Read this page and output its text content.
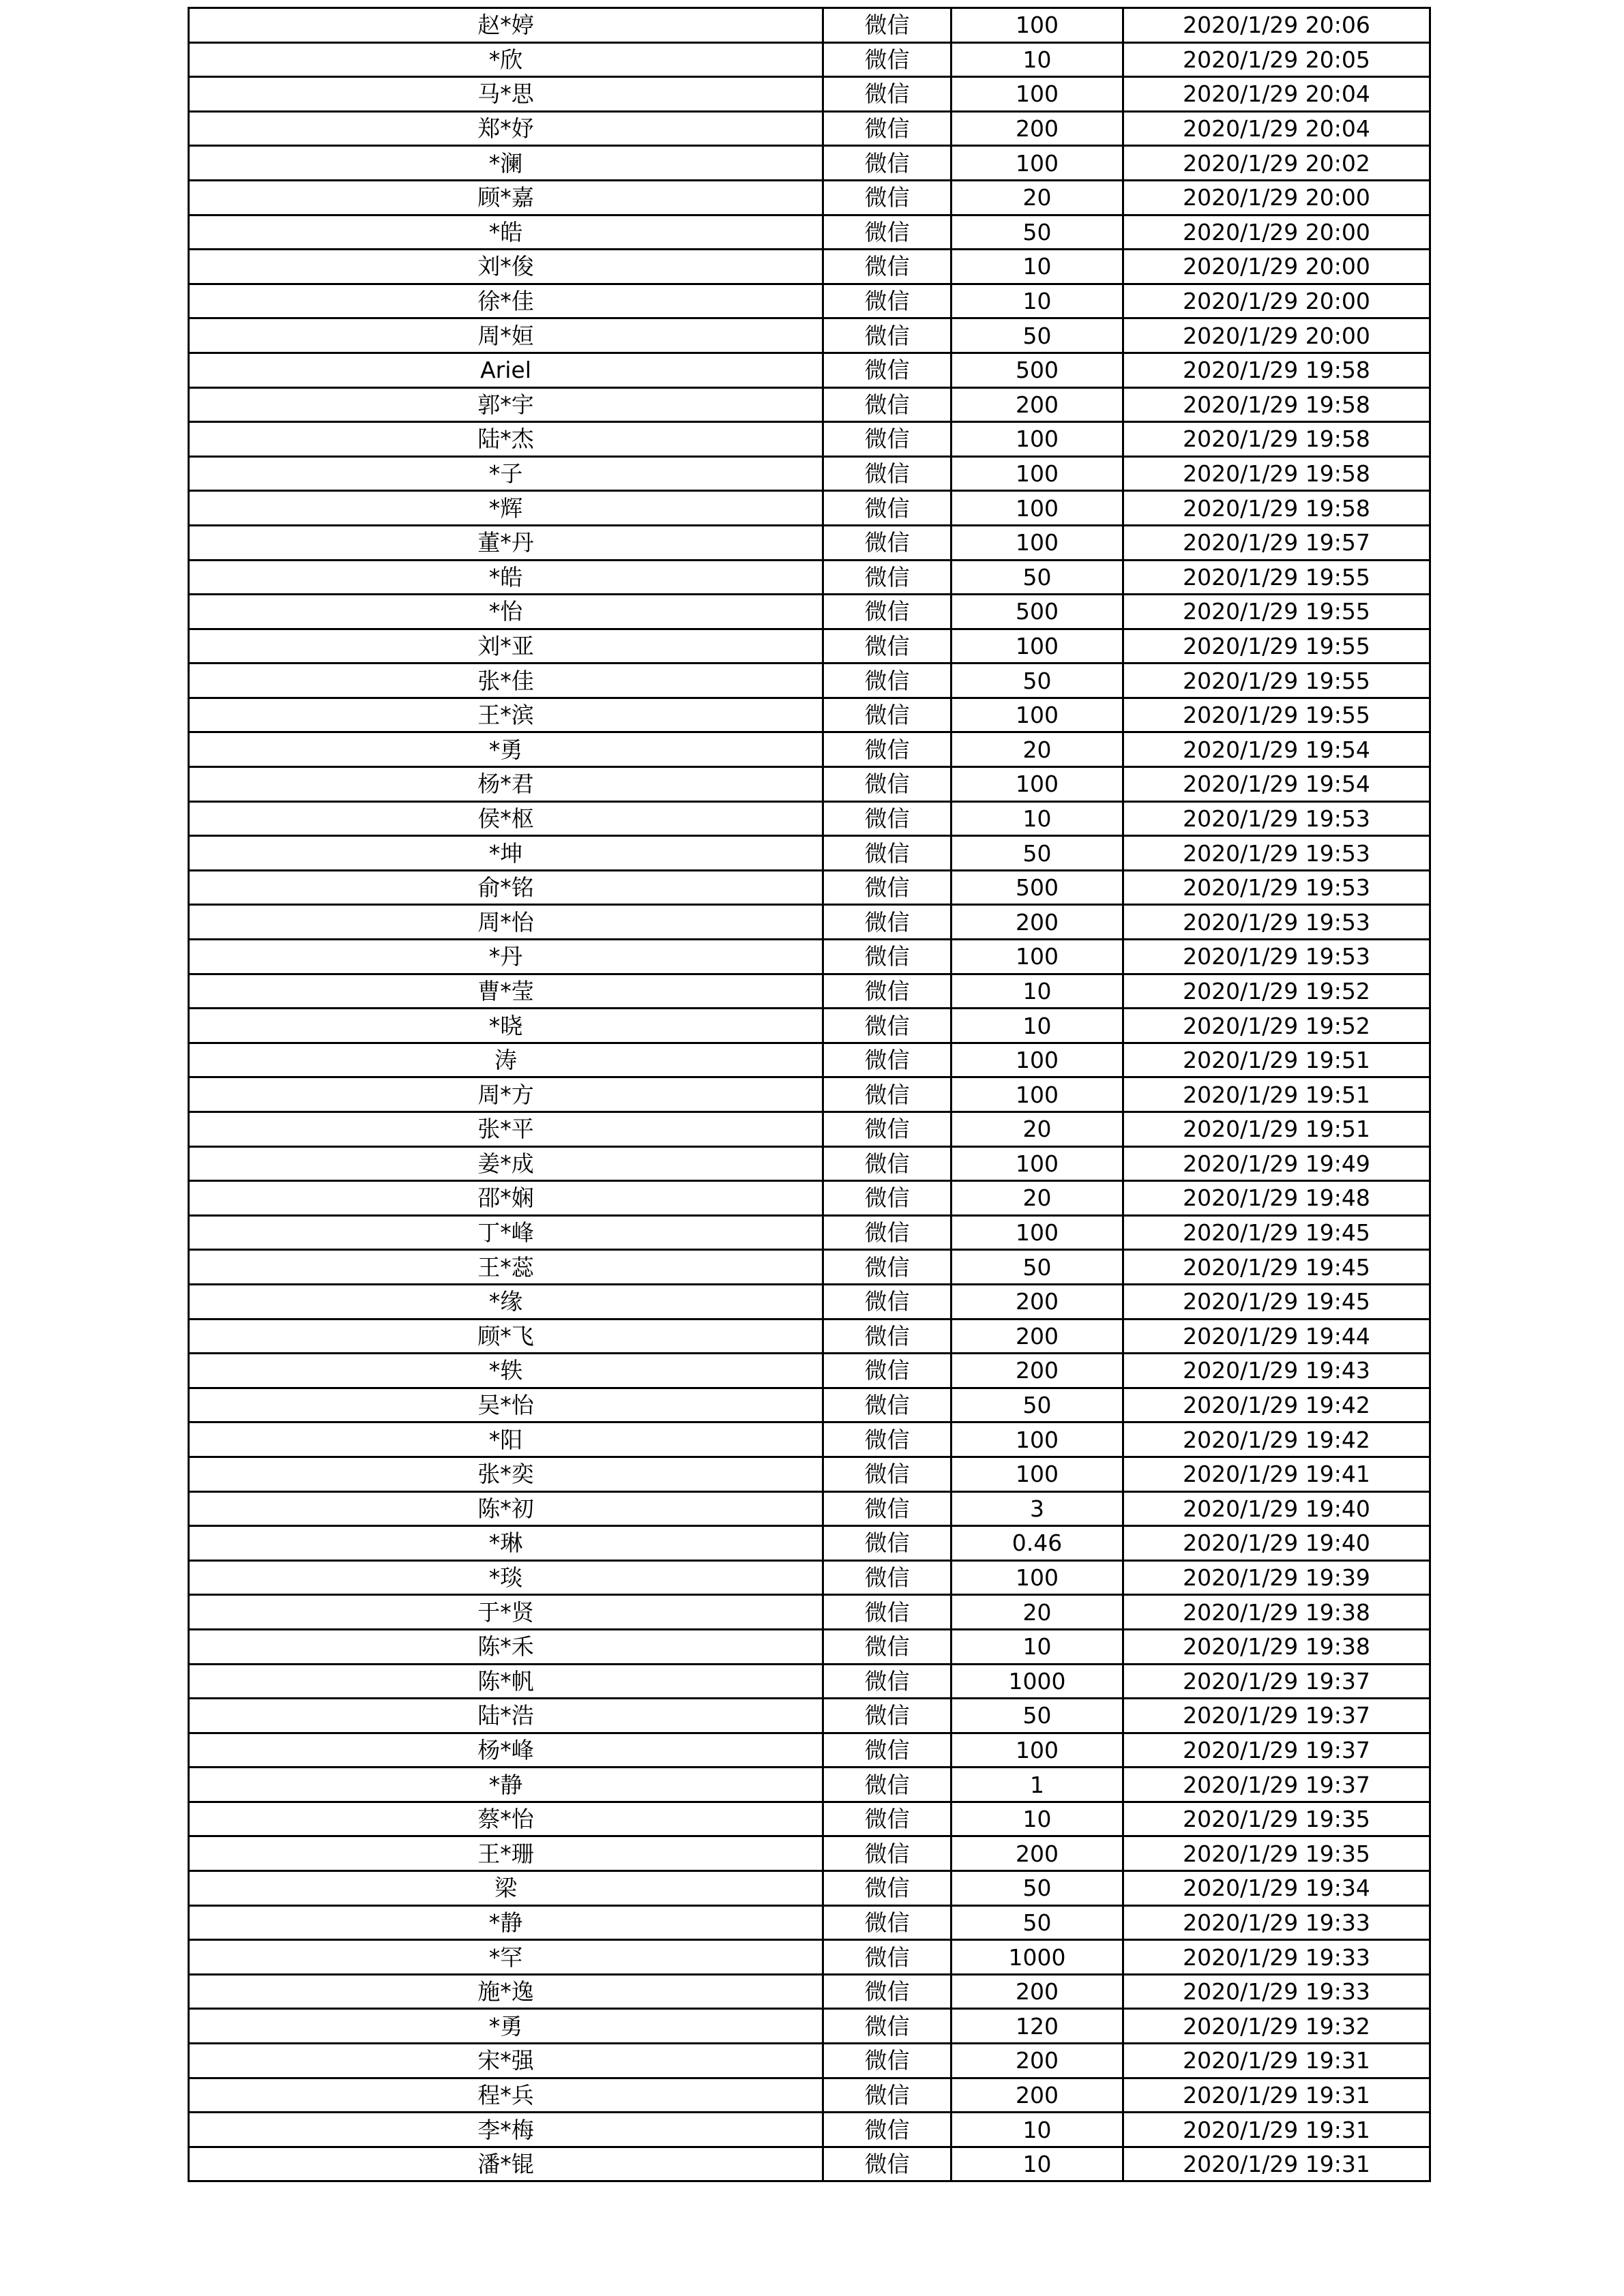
赵*婷	微信	100	2020/1/29 20:06
*欣	微信	10	2020/1/29 20:05
马*思	微信	100	2020/1/29 20:04
郑*妤	微信	200	2020/1/29 20:04
*澜	微信	100	2020/1/29 20:02
顾*嘉	微信	20	2020/1/29 20:00
*皓	微信	50	2020/1/29 20:00
刘*俊	微信	10	2020/1/29 20:00
徐*佳	微信	10	2020/1/29 20:00
周*姮	微信	50	2020/1/29 20:00
Ariel	微信	500	2020/1/29 19:58
郭*宇	微信	200	2020/1/29 19:58
陆*杰	微信	100	2020/1/29 19:58
*子	微信	100	2020/1/29 19:58
*辉	微信	100	2020/1/29 19:58
董*丹	微信	100	2020/1/29 19:57
*皓	微信	50	2020/1/29 19:55
*怡	微信	500	2020/1/29 19:55
刘*亚	微信	100	2020/1/29 19:55
张*佳	微信	50	2020/1/29 19:55
王*滨	微信	100	2020/1/29 19:55
*勇	微信	20	2020/1/29 19:54
杨*君	微信	100	2020/1/29 19:54
侯*枢	微信	10	2020/1/29 19:53
*坤	微信	50	2020/1/29 19:53
俞*铭	微信	500	2020/1/29 19:53
周*怡	微信	200	2020/1/29 19:53
*丹	微信	100	2020/1/29 19:53
曹*莹	微信	10	2020/1/29 19:52
*晓	微信	10	2020/1/29 19:52
涛	微信	100	2020/1/29 19:51
周*方	微信	100	2020/1/29 19:51
张*平	微信	20	2020/1/29 19:51
姜*成	微信	100	2020/1/29 19:49
邵*娴	微信	20	2020/1/29 19:48
丁*峰	微信	100	2020/1/29 19:45
王*蕊	微信	50	2020/1/29 19:45
*缘	微信	200	2020/1/29 19:45
顾*飞	微信	200	2020/1/29 19:44
*轶	微信	200	2020/1/29 19:43
吴*怡	微信	50	2020/1/29 19:42
*阳	微信	100	2020/1/29 19:42
张*奕	微信	100	2020/1/29 19:41
陈*初	微信	3	2020/1/29 19:40
*琳	微信	0.46	2020/1/29 19:40
*琰	微信	100	2020/1/29 19:39
于*贤	微信	20	2020/1/29 19:38
陈*禾	微信	10	2020/1/29 19:38
陈*帆	微信	1000	2020/1/29 19:37
陆*浩	微信	50	2020/1/29 19:37
杨*峰	微信	100	2020/1/29 19:37
*静	微信	1	2020/1/29 19:37
蔡*怡	微信	10	2020/1/29 19:35
王*珊	微信	200	2020/1/29 19:35
梁	微信	50	2020/1/29 19:34
*静	微信	50	2020/1/29 19:33
*罕	微信	1000	2020/1/29 19:33
施*逸	微信	200	2020/1/29 19:33
*勇	微信	120	2020/1/29 19:32
宋*强	微信	200	2020/1/29 19:31
程*兵	微信	200	2020/1/29 19:31
李*梅	微信	10	2020/1/29 19:31
潘*锟	微信	10	2020/1/29 19:31
